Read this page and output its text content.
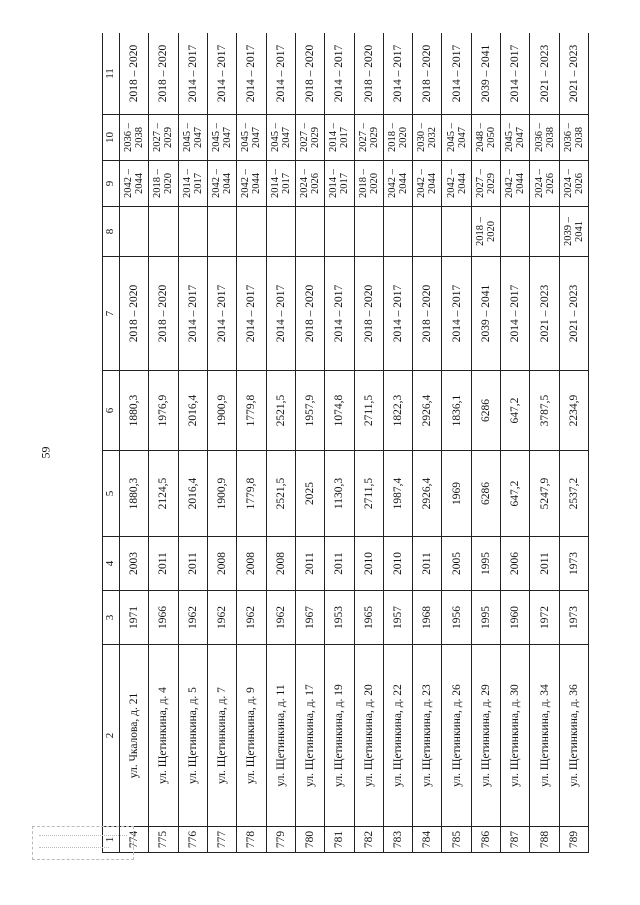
59
1	2	3	4	5	6	7	8	9	10	11
774	ул. Чкалова, д. 21	1971	2003	1880,3	1880,3	2018 – 2020		2042 – 2044	2036 – 2038	2018 – 2020
775	ул. Щетинкина, д. 4	1966	2011	2124,5	1976,9	2018 – 2020		2018 – 2020	2027 – 2029	2018 – 2020
776	ул. Щетинкина, д. 5	1962	2011	2016,4	2016,4	2014 – 2017		2014 – 2017	2045 – 2047	2014 – 2017
777	ул. Щетинкина, д. 7	1962	2008	1900,9	1900,9	2014 – 2017		2042 – 2044	2045 – 2047	2014 – 2017
778	ул. Щетинкина, д. 9	1962	2008	1779,8	1779,8	2014 – 2017		2042 – 2044	2045 – 2047	2014 – 2017
779	ул. Щетинкина, д. 11	1962	2008	2521,5	2521,5	2014 – 2017		2014 – 2017	2045 – 2047	2014 – 2017
780	ул. Щетинкина, д. 17	1967	2011	2025	1957,9	2018 – 2020		2024 – 2026	2027 – 2029	2018 – 2020
781	ул. Щетинкина, д. 19	1953	2011	1130,3	1074,8	2014 – 2017		2014 – 2017	2014 – 2017	2014 – 2017
782	ул. Щетинкина, д. 20	1965	2010	2711,5	2711,5	2018 – 2020		2018 – 2020	2027 – 2029	2018 – 2020
783	ул. Щетинкина, д. 22	1957	2010	1987,4	1822,3	2014 – 2017		2042 – 2044	2018 – 2020	2014 – 2017
784	ул. Щетинкина, д. 23	1968	2011	2926,4	2926,4	2018 – 2020		2042 – 2044	2030 – 2032	2018 – 2020
785	ул. Щетинкина, д. 26	1956	2005	1969	1836,1	2014 – 2017		2042 – 2044	2045 – 2047	2014 – 2017
786	ул. Щетинкина, д. 29	1995	1995	6286	6286	2039 – 2041	2018 – 2020	2027 – 2029	2048 – 2050	2039 – 2041
787	ул. Щетинкина, д. 30	1960	2006	647,2	647,2	2014 – 2017		2042 – 2044	2045 – 2047	2014 – 2017
788	ул. Щетинкина, д. 34	1972	2011	5247,9	3787,5	2021 – 2023		2024 – 2026	2036 – 2038	2021 – 2023
789	ул. Щетинкина, д. 36	1973	1973	2537,2	2234,9	2021 – 2023	2039 – 2041	2024 – 2026	2036 – 2038	2021 – 2023
